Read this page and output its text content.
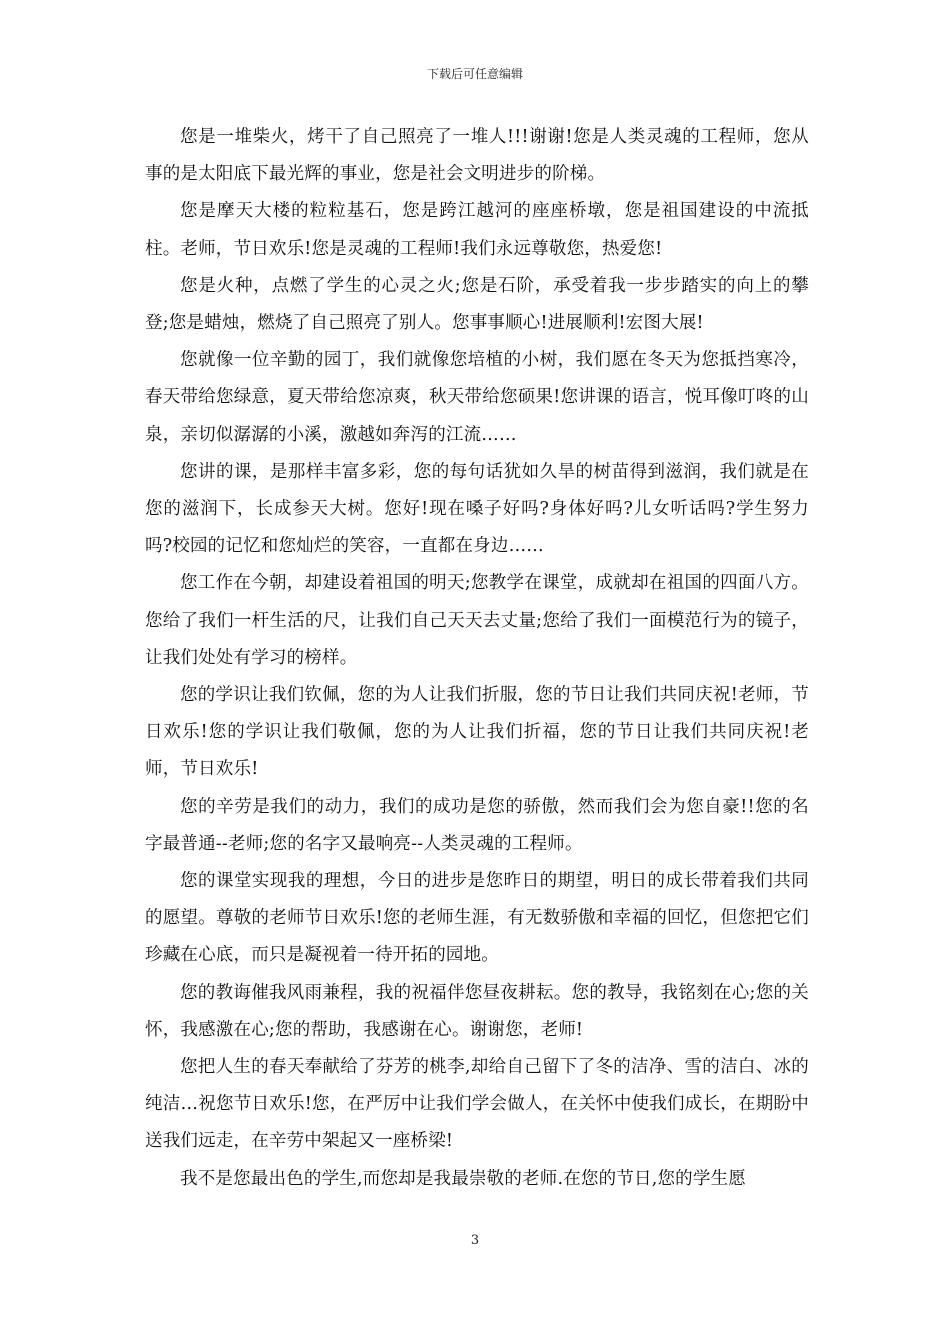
下载后可任意编辑

您是一堆柴火，烤干了自己照亮了一堆人!!!谢谢!您是人类灵魂的工程师，您从事的是太阳底下最光辉的事业，您是社会文明进步的阶梯。

您是摩天大楼的粒粒基石，您是跨江越河的座座桥墩，您是祖国建设的中流抵柱。老师，节日欢乐!您是灵魂的工程师!我们永远尊敬您，热爱您!

您是火种，点燃了学生的心灵之火;您是石阶，承受着我一步步踏实的向上的攀登;您是蜡烛，燃烧了自己照亮了别人。您事事顺心!进展顺利!宏图大展!

您就像一位辛勤的园丁，我们就像您培植的小树，我们愿在冬天为您抵挡寒冷，春天带给您绿意，夏天带给您凉爽，秋天带给您硕果!您讲课的语言，悦耳像叮咚的山泉，亲切似潺潺的小溪，激越如奔泻的江流……

您讲的课，是那样丰富多彩，您的每句话犹如久旱的树苗得到滋润，我们就是在您的滋润下，长成参天大树。您好!现在嗓子好吗?身体好吗?儿女听话吗?学生努力吗?校园的记忆和您灿烂的笑容，一直都在身边……

您工作在今朝，却建设着祖国的明天;您教学在课堂，成就却在祖国的四面八方。您给了我们一杆生活的尺，让我们自己天天去丈量;您给了我们一面模范行为的镜子，让我们处处有学习的榜样。

您的学识让我们钦佩，您的为人让我们折服，您的节日让我们共同庆祝!老师，节日欢乐!您的学识让我们敬佩，您的为人让我们折福，您的节日让我们共同庆祝!老师，节日欢乐!

您的辛劳是我们的动力，我们的成功是您的骄傲，然而我们会为您自豪!!您的名字最普通--老师;您的名字又最响亮--人类灵魂的工程师。

您的课堂实现我的理想，今日的进步是您昨日的期望，明日的成长带着我们共同的愿望。尊敬的老师节日欢乐!您的老师生涯，有无数骄傲和幸福的回忆，但您把它们珍藏在心底，而只是凝视着一待开拓的园地。

您的教诲催我风雨兼程，我的祝福伴您昼夜耕耘。您的教导，我铭刻在心;您的关怀，我感激在心;您的帮助，我感谢在心。谢谢您，老师!

您把人生的春天奉献给了芬芳的桃李,却给自己留下了冬的洁净、雪的洁白、冰的纯洁…祝您节日欢乐!您，在严厉中让我们学会做人，在关怀中使我们成长，在期盼中送我们远走，在辛劳中架起又一座桥梁!

我不是您最出色的学生,而您却是我最崇敬的老师.在您的节日,您的学生愿

3
